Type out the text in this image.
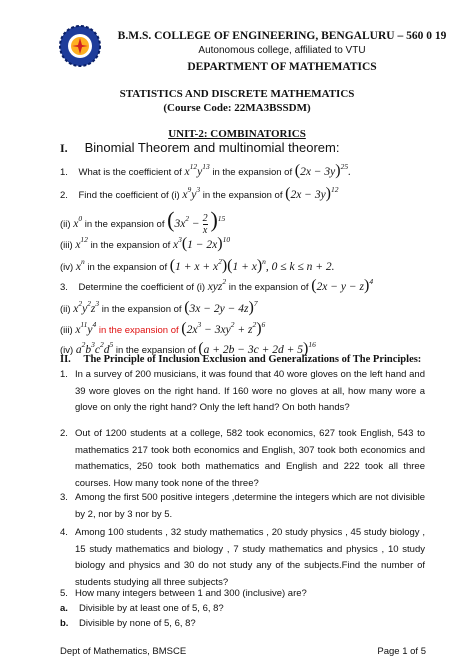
B.M.S. COLLEGE OF ENGINEERING, BENGALURU – 560 0 19
Autonomous college, affiliated to VTU
DEPARTMENT OF MATHEMATICS
STATISTICS AND DISCRETE MATHEMATICS
(Course Code: 22MA3BSSDM)
UNIT-2: COMBINATORICS
I. Binomial Theorem and multinomial theorem:
1. What is the coefficient of $x^{12}y^{13}$ in the expansion of $(2x - 3y)^{25}$.
2. Find the coefficient of (i) $x^9y^3$ in the expansion of $(2x - 3y)^{12}$
(ii) $x^0$ in the expansion of ($3x^2 - 2$

x )$^{15}$
(iii) $x^{12}$ in the expansion of $x^3(1 - 2x)^{10}$
(iv) $x^n$ in the expansion of $(1 + x + x^2)(1 + x)^n$, 0 ≤ k ≤ n + 2.
3. Determine the coefficient of (i) xyz$^2$ in the expansion of $(2x - y - z)^4$
(ii) $x^2y^2z^3$ in the expansion of $(3x - 2y - 4z)^7$
(iii) $x^{11}y^4$ in the expansion of $(2x^3 - 3xy^2 + z^2)^6$
(iv) $a^2b^3c^2d^5$ in the expansion of $(a + 2b - 3c + 2d + 5)^{16}$
II. The Principle of Inclusion Exclusion and Generalizations of The Principles:
1. In a survey of 200 musicians, it was found that 40 wore gloves on the left hand and 39 wore gloves on the right hand. If 160 wore no gloves at all, how many wore a glove on only the right hand? Only the left hand? On both hands?
2. Out of 1200 students at a college, 582 took economics, 627 took English, 543 to mathematics 217 took both economics and English, 307 took both economics and mathematics, 250 took both mathematics and English and 222 took all three courses. How many took none of the three?
3. Among the first 500 positive integers ,determine the integers which are not divisible by 2, nor by 3 nor by 5.
4. Among 100 students , 32 study mathematics , 20 study physics , 45 study biology , 15 study mathematics and biology , 7 study mathematics and physics , 10 study biology and physics and 30 do not study any of the subjects.Find the number of students studying all three subjects?
5. How many integers between 1 and 300 (inclusive) are?
a. Divisible by at least one of 5, 6, 8?
b. Divisible by none of 5, 6, 8?
Dept of Mathematics, BMSCE	Page 1 of 5
